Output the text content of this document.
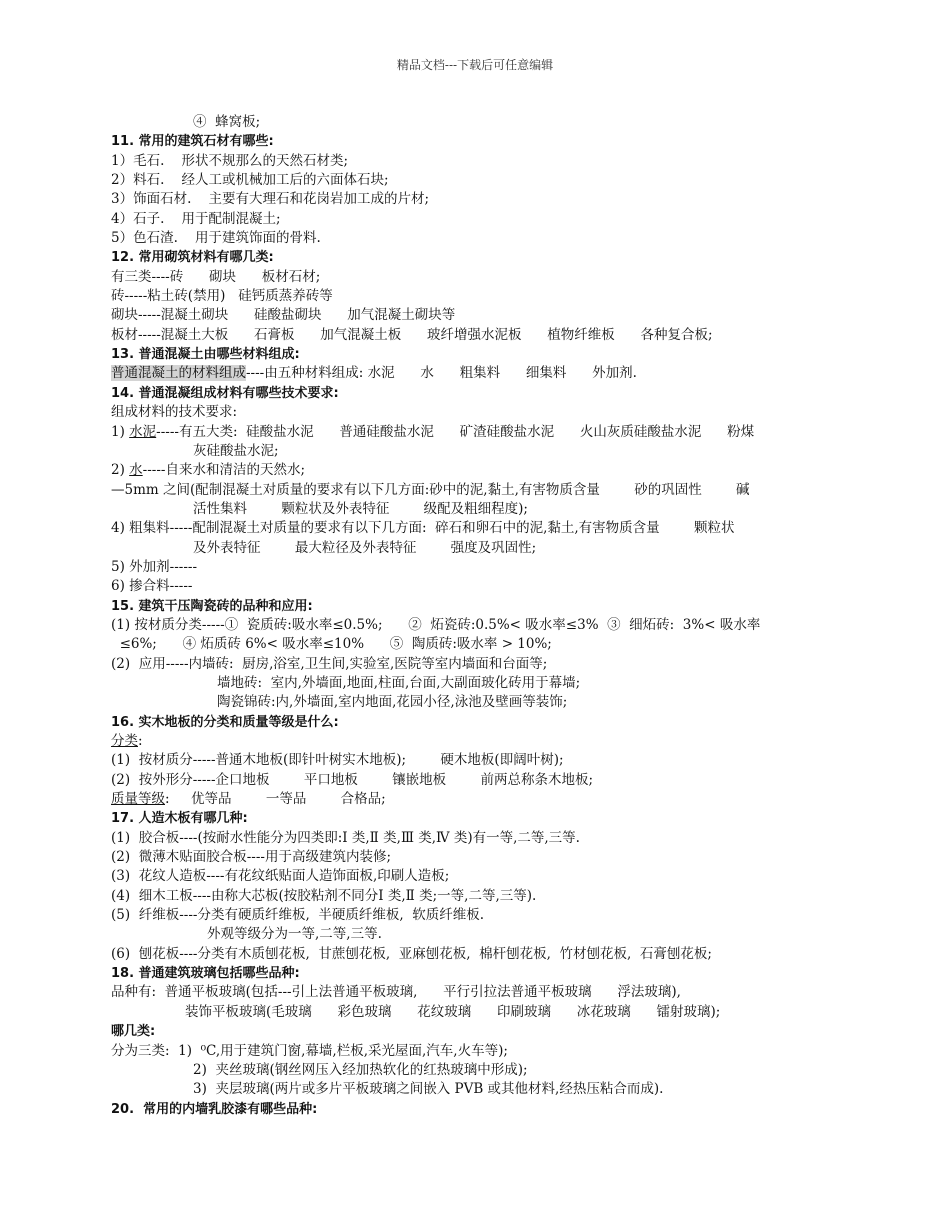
精品文档---下载后可任意编辑
④  蜂窝板;
11. 常用的建筑石材有哪些:
1）毛石.    形状不规那么的天然石材类;
2）料石.    经人工或机械加工后的六面体石块;
3）饰面石材.    主要有大理石和花岗岩加工成的片材;
4）石子.    用于配制混凝土;
5）色石渣.    用于建筑饰面的骨料.
12. 常用砌筑材料有哪几类:
有三类----砖      砌块      板材石材;
砖-----粘土砖(禁用)   硅钙质蒸养砖等
砌块-----混凝土砌块      硅酸盐砌块      加气混凝土砌块等
板材-----混凝土大板      石膏板      加气混凝土板      玻纤增强水泥板      植物纤维板      各种复合板;
13. 普通混凝土由哪些材料组成:
普通混凝土的材料组成----由五种材料组成: 水泥      水      粗集料      细集料      外加剂.
14. 普通混凝组成材料有哪些技术要求:
组成材料的技术要求:
1) 水泥-----有五大类:  硅酸盐水泥      普通硅酸盐水泥      矿渣硅酸盐水泥      火山灰质硅酸盐水泥      粉煤
灰硅酸盐水泥;
2) 水-----自来水和清洁的天然水;
—5mm 之间(配制混凝土对质量的要求有以下几方面:砂中的泥,黏土,有害物质含量        砂的巩固性        碱
活性集料        颗粒状及外表特征        级配及粗细程度);
4) 粗集料-----配制混凝土对质量的要求有以下几方面:  碎石和卵石中的泥,黏土,有害物质含量        颗粒状
及外表特征        最大粒径及外表特征        强度及巩固性;
5) 外加剂------
6) 掺合料-----
15. 建筑干压陶瓷砖的品种和应用:
(1) 按材质分类-----①  瓷质砖:吸水率≤0.5%;      ②  炻瓷砖:0.5%< 吸水率≤3%  ③  细炻砖:  3%< 吸水率
≤6%;      ④ 炻质砖 6%< 吸水率≤10%      ⑤  陶质砖:吸水率 > 10%;
(2)  应用-----内墙砖:  厨房,浴室,卫生间,实验室,医院等室内墙面和台面等;
墙地砖:  室内,外墙面,地面,柱面,台面,大副面玻化砖用于幕墙;
陶瓷锦砖:内,外墙面,室内地面,花园小径,泳池及壁画等装饰;
16. 实木地板的分类和质量等级是什么:
分类:
(1)  按材质分-----普通木地板(即针叶树实木地板);        硬木地板(即阔叶树);
(2)  按外形分-----企口地板        平口地板        镶嵌地板        前两总称条木地板;
质量等级:     优等品        一等品        合格品;
17. 人造木板有哪几种:
(1)  胶合板----(按耐水性能分为四类即:Ⅰ 类,Ⅱ 类,Ⅲ 类,Ⅳ 类)有一等,二等,三等.
(2)  微薄木贴面胶合板----用于高级建筑内装修;
(3)  花纹人造板----有花纹纸贴面人造饰面板,印刷人造板;
(4)  细木工板----由称大芯板(按胶粘剂不同分Ⅰ 类,Ⅱ 类;一等,二等,三等).
(5)  纤维板----分类有硬质纤维板,  半硬质纤维板,  软质纤维板.
外观等级分为一等,二等,三等.
(6)  刨花板----分类有木质刨花板,  甘蔗刨花板,  亚麻刨花板,  棉杆刨花板,  竹材刨花板,  石膏刨花板;
18. 普通建筑玻璃包括哪些品种:
品种有:  普通平板玻璃(包括---引上法普通平板玻璃,      平行引拉法普通平板玻璃      浮法玻璃),
装饰平板玻璃(毛玻璃      彩色玻璃      花纹玻璃      印刷玻璃      冰花玻璃      镭射玻璃);
哪几类:
分为三类:  1)  ⁰C,用于建筑门窗,幕墙,栏板,采光屋面,汽车,火车等);
2)  夹丝玻璃(钢丝网压入经加热软化的红热玻璃中形成);
3)  夹层玻璃(两片或多片平板玻璃之间嵌入 PVB 或其他材料,经热压粘合而成).
20.  常用的内墙乳胶漆有哪些品种:
